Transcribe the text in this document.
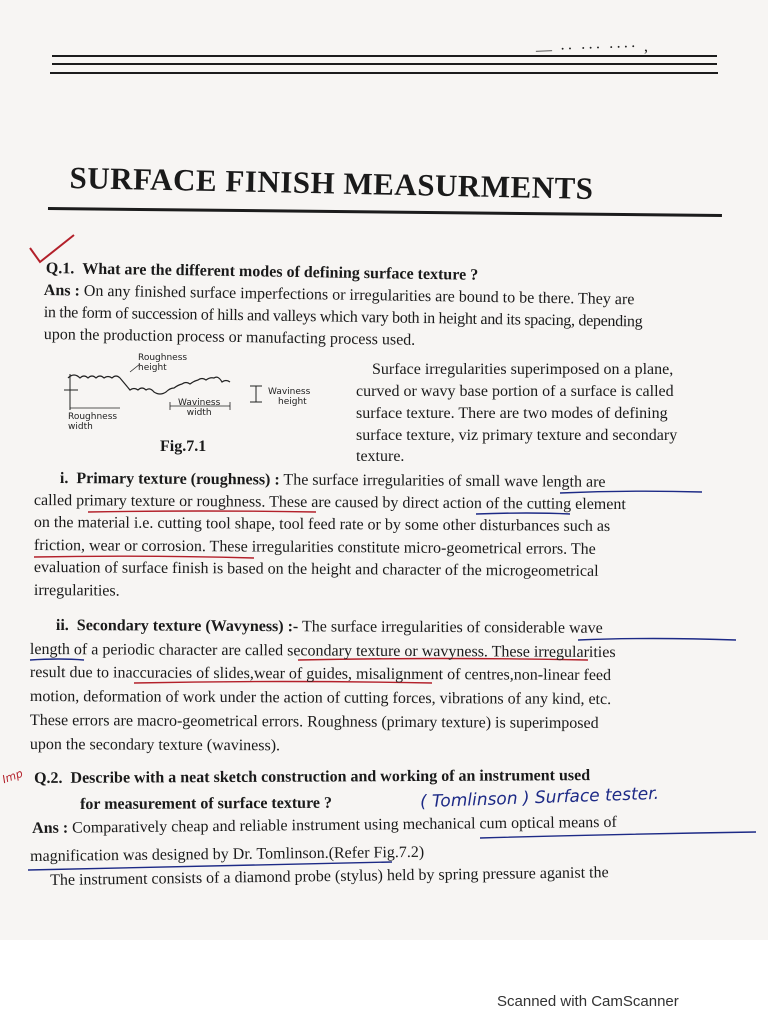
— ·· ··· ···· ,
SURFACE FINISH MEASURMENTS
Q.1. What are the different modes of defining surface texture ?
Ans : On any finished surface imperfections or irregularities are bound to be there. They are
in the form of succession of hills and valleys which vary both in height and its spacing, depending
upon the production process or manufacting process used.
Roughness
height
Waviness
height
Waviness
width
Roughness
width
Fig.7.1
Surface irregularities superimposed on a plane,
curved or wavy base portion of a surface is called
surface texture. There are two modes of defining
surface texture, viz primary texture and secondary
texture.
i. Primary texture (roughness) : The surface irregularities of small wave length are
called primary texture or roughness. These are caused by direct action of the cutting element
on the material i.e. cutting tool shape, tool feed rate or by some other disturbances such as
friction, wear or corrosion. These irregularities constitute micro-geometrical errors. The
evaluation of surface finish is based on the height and character of the microgeometrical
irregularities.
ii. Secondary texture (Wavyness) :- The surface irregularities of considerable wave
length of a periodic character are called secondary texture or wavyness. These irregularities
result due to inaccuracies of slides,wear of guides, misalignment of centres,non-linear feed
motion, deformation of work under the action of cutting forces, vibrations of any kind, etc.
These errors are macro-geometrical errors. Roughness (primary texture) is superimposed
upon the secondary texture (waviness).
Imp Q.2. Describe with a neat sketch construction and working of an instrument used
for measurement of surface texture ?	( Tomlinson ) Surface tester.
Ans : Comparatively cheap and reliable instrument using mechanical cum optical means of
magnification was designed by Dr. Tomlinson.(Refer Fig.7.2)
The instrument consists of a diamond probe (stylus) held by spring pressure aganist the
Scanned with CamScanner
